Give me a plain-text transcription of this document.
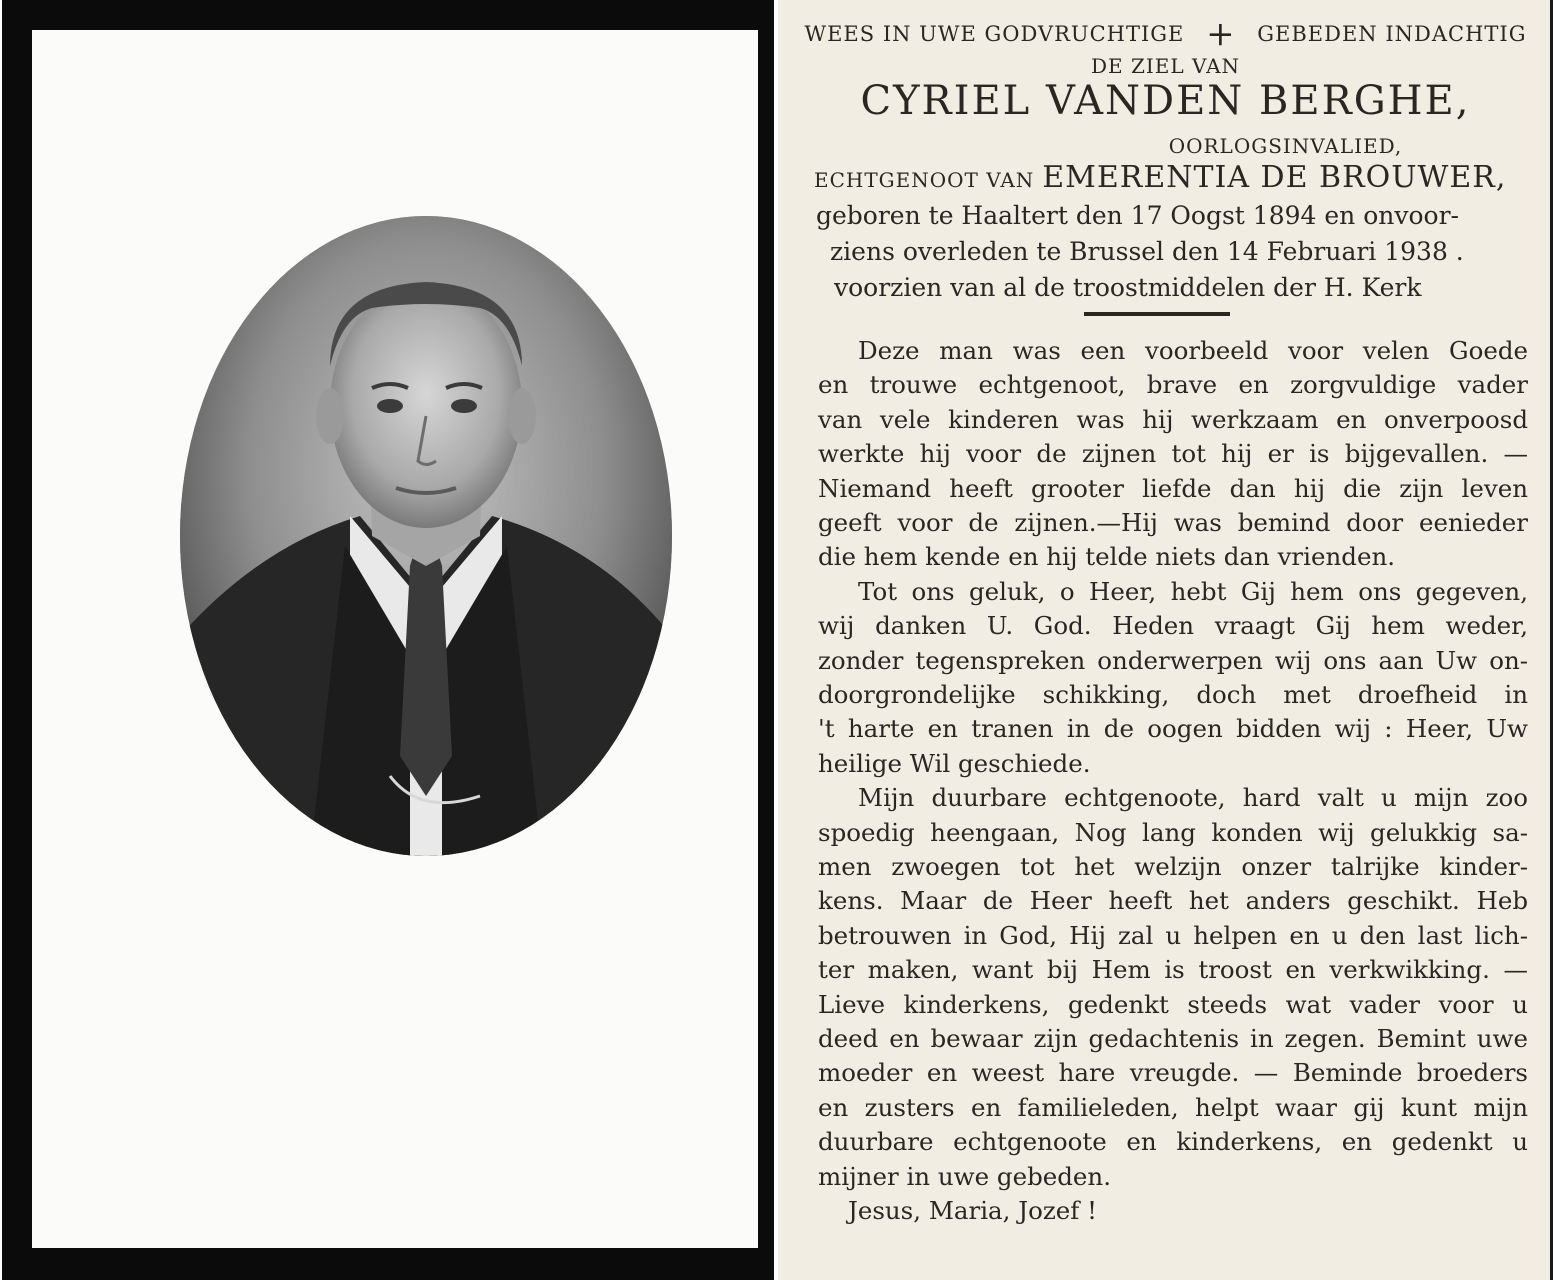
WEES IN UWE GODVRUCHTIGE + GEBEDEN INDACHTIG
DE ZIEL VAN
CYRIEL VANDEN BERGHE,
OORLOGSINVALIED,
ECHTGENOOT VAN EMERENTIA DE BROUWER,
geboren te Haaltert den 17 Oogst 1894 en onvoor-
ziens overleden te Brussel den 14 Februari 1938 .
voorzien van al de troostmiddelen der H. Kerk
Deze man was een voorbeeld voor velen Goede
en trouwe echtgenoot, brave en zorgvuldige vader
van vele kinderen was hij werkzaam en onverpoosd
werkte hij voor de zijnen tot hij er is bijgevallen. —
Niemand heeft grooter liefde dan hij die zijn leven
geeft voor de zijnen.—Hij was bemind door eenieder
die hem kende en hij telde niets dan vrienden.
Tot ons geluk, o Heer, hebt Gij hem ons gegeven,
wij danken U. God. Heden vraagt Gij hem weder,
zonder tegenspreken onderwerpen wij ons aan Uw on-
doorgrondelijke schikking, doch met droefheid in
't harte en tranen in de oogen bidden wij : Heer, Uw
heilige Wil geschiede.
Mijn duurbare echtgenoote, hard valt u mijn zoo
spoedig heengaan, Nog lang konden wij gelukkig sa-
men zwoegen tot het welzijn onzer talrijke kinder-
kens. Maar de Heer heeft het anders geschikt. Heb
betrouwen in God, Hij zal u helpen en u den last lich-
ter maken, want bij Hem is troost en verkwikking. —
Lieve kinderkens, gedenkt steeds wat vader voor u
deed en bewaar zijn gedachtenis in zegen. Bemint uwe
moeder en weest hare vreugde. — Beminde broeders
en zusters en familieleden, helpt waar gij kunt mijn
duurbare echtgenoote en kinderkens, en gedenkt u
mijner in uwe gebeden.
Jesus, Maria, Jozef !
